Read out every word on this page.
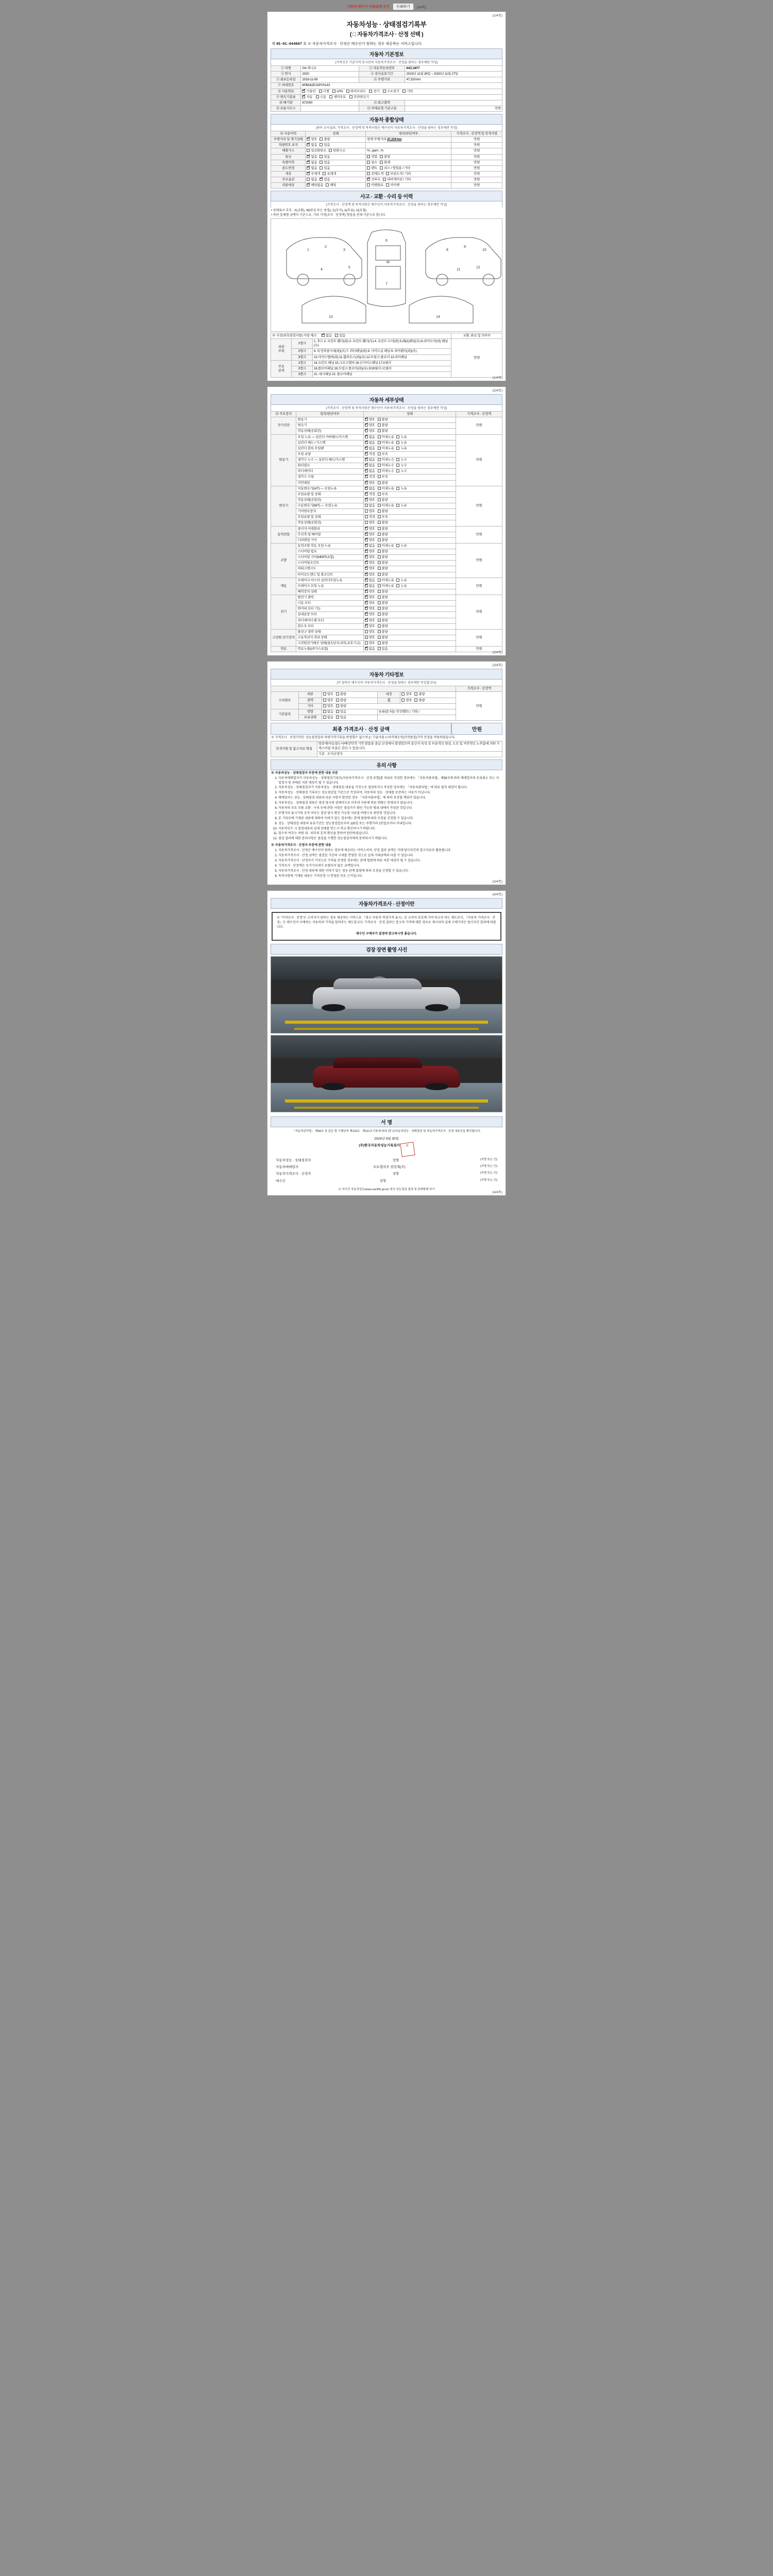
기관의 페이지 인쇄실패 공지	인쇄하기	(1/4쪽)
(1/4쪽)
자동차성능 · 상태점검기록부
( □ 자동차가격조사 · 산정 선택 )
제 45-01-044667 호 ※ 자동차가격조사 · 산정은 매수인이 원하는 경우 제공하는 서비스입니다.
자동차 기본정보
(가족신조 기준가격 동시산의 자동차가격조사 · 산정을 원하는 경우에만 작성)
① 차명	G4 캐니코	② 자동차등록번호	64도1877
③ 연식	2020	④ 검사유효기간	2019년 11월 26일 ~ 2020년 11월 27일
⑤ 최초등록일	2018-11-09	⑥ 주행거리	47,319 km
⑦ 차대번호	KPBXA2E1XPC0143		
⑧ 사용연료	✔가솔린 디젤 LPG 하이브리드 전기 수소전기 기타
⑨ 변속기종류	✔자동 수동 세미오토 무단변속기
⑩ 배기량	672000	⑪ 최고출력	
⑫ 보릉시트수		⑬ 차체유형 가준구분	만원
자동차 종합상태
(좌측 조사결과, 가격조사 · 산정액 및 목적사항은 매수인이 자동차가격조사 · 산정을 원하는 경우에만 작성)
⑭ 사용이력	상태	항목/판단여부	가격조사 · 산정액 및 목적사항
주행거리 및 계기상태	✔양호 불량	현재 주행거리 47,319 km	만원
차량번호 표지	✔없음 있음		만원
배출가스	일산화탄소 탄화수소	% , ppm , %	만원
튜닝	✔없음 있음	적법 불법	만원
특별이력	✔없음 있음	침수 화재	만원
용도변경	✔없음 있음	렌트 리스 / 영업용 / 기타	만원
색상	✔무채색 유채색	전체도색 부분도색 / 기타	만원
주요옵션	없음 ✔ 있음	✔선루프 내비게이션 / 기타	만원
리콜대상	✔해당없음 해당	이행완료 미이행	만원
사고 · 교환 · 수리 등 이력
(가격조사 · 산정액 및 목적사항은 매수인이 자동차가격조사 · 산정을 원하는 경우에만 작성)
• 상태표시 부호 : X(교환), W(판금 또는 용접), C(부식), A(후유), U(요철)
• 하단 일체형 금액이 기준으로, 기타 가격(조사 · 산정액) 명칭을 전체 기준으로 합니다.
1
2
3
4
5
6
M
7
8
9
10
11
12
13	14
※ 시진(외측점검사항) 사항 체크 ✔ 없음 있음			교환, 판금 및 의부부
외판
부위	1랭크	1. 후드 2. 프런트 휀더(좌) 3. 프런트 휀더(우) 4. 프런트 도어(좌) 5.25(1)패널(우) 6.리어도어(좌) 패널(우)	만원
	2랭크	6. 특정차량시대(좌)(우) 7. 퀴터패널(좌) 8. 사이드실 패널 9. 리어펜더(좌)(우)	
	3랭크	13.사이드멤버(좌) 11.휠하우스(좌)(우) 12.트렁크 플로어 13.리어패널	
주요
골격	1랭크	14.프런트 패널 15.크로스멤버 16.인사이드패널 17.A필러	
	2랭크	18.플로어패널 19.트렁크 플로어(좌)(우) 20.B필러 / C필러	
	3랭크	21. 대시패널 22. 플로어패널	
(1/4쪽)
(2/4쪽)
자동차 세부상태
(가격조사 · 산정액 및 목적사항은 매수인이 자동차가격조사 · 산정을 원하는 경우에만 작성)
⑮ 주요장치	항목/판단여부	상태	가격조사 · 산정액
자가진단	원동기	✔양호 불량	만원
	변속기	✔양호 불량
	작동상태(공회전)	✔양호 불량
원동기	오일 누유 — 실린더 커버헤드/가스켓	✔없음 미세누유 누유	만원
	실린더 헤드 / 가스켓	✔없음 미세누유 누유
	실린더 블록 오일팬	✔없음 미세누유 누유
	오일 유량	✔적정 부족
	냉각수 누수 — 실린더 헤드/가스켓	✔없음 미세누수 누수
	워터펌프	✔없음 미세누수 누수
	라디에이터	✔없음 미세누수 누수
	냉각수 수량	✔적정 부족
	커먼레일	✔양호 불량
변속기	자동변속기(A/T) — 오일누유	✔없음 미세누유 누유	만원
	오일유량 및 상태	✔적정 부족
	작동상태(공회전)	✔양호 불량
	수동변속기(M/T) — 오일누유	없음 미세누유 누유	
	기어변속장치	양호 불량	
	오일유량 및 상태	적정 부족	
	작동상태(공회전)	양호 불량	
동력전달	클러치 어셈블리	✔양호 불량	만원
	추진축 및 베어링	✔양호 불량
	디퍼렌셜 기어	✔양호 불량
조향	동력조향 작동 오일 누유	✔없음 미세누유 누유	만원
	스티어링 펌프	✔양호 불량
	스티어링 기어(MDPS포함)	✔양호 불량
	스티어링조인트	✔양호 불량
	파워크랭크도	✔양호 불량
	타이로드엔드 및 볼조인트	✔양호 불량
제동	브레이크 마스터 실린더오일누유	✔없음 미세누유 누유	만원
	브레이크 오일 누유	✔없음 미세누유 누유
	배력장치 상태	✔양호 불량
전기	발전기 출력	✔양호 불량	만원
	시동 모터	✔양호 불량
	와이퍼 모터 기능	✔양호 불량
	실내송풍 모터	✔양호 불량
	라디에이터 팬 모터	✔양호 불량
	윈도우 모터	✔양호 불량
고전원 전기장치	충전구 절연 상태	양호 불량	만원
	구동축전지 격리 상태	양호 불량	
	고전원전기배선 상태(접속단자,피복,보호기구)	양호 불량	
연료	연료누출(LP가스포함)	✔없음 있음	만원
(2/4쪽)
(3/4쪽)
자동차 기타정보
(이 항목은 매수인이 자동차가격조사 · 산정을 원하는 경우에만 작성합니다)
					가격조사 · 산정액
수리필요	외판	양호 불량	내장	양호 불량	만원
	광택	양호 불량	휠	양호 불량	
	기타	양호 불량			
기본품목	방향	없음 있음	유류(앞·뒤)□ 안전벨트□ 기타□		
	보유상태	없음 있음			
최종 가격조사 · 산정 금액	만원
※ 가격조사 · 산정가격은 성능점검일의 차량가격기록을 반영할수 없으며 (□ 기술사를 /□차격제조직(안전품질)가격 산정을 적용하였습니다.
목적사항 및 참고자료 명칭	방중제/자동절도서/배상학적 기반 발품을 중급 산정에서 발생었으며 용간자 특성 상 부분적인 현상, 도로 및 자연적인 노후함에 의한 가격스러움 부분은 감산 수 있습니다.
기준 · 조사산정자
유의 사항
※ 자동차성능 · 상태점검자 부분에 관한 내용 부분
1. 자동차매매업자가 자동차성능 · 상태점검기록부(자동차가격조사 · 산정 포함)를 허위로 작성한 경우에는 「자동차관리법」제58조에 따라 매매업자의 등록취소 또는 사업정지 및 과태료 처분 대상이 될 수 있습니다.
2. 자동차성능 · 상태점검자가 자동차성능 · 상태점검 내용을 거짓으로 점검하거나 작성한 경우에는 「자동차관리법」에 따른 벌칙 대상이 됩니다.
3. 자동차성능 · 상태점검 기록부는 성능점검일 기준으로 작성되며, 자동차의 성능 · 상태를 보증하는 서류가 아닙니다.
4. 매매업자는 성능 · 상태점검 내용과 다른 사항이 발견된 경우 「자동차관리법」에 따라 보상할 책임이 있습니다.
5. 자동차성능 · 상태점검 내용은 점검 당시의 상태이므로 이후의 사용에 따른 변화는 반영되지 않습니다.
6. 자동차의 주요 부품 교환 · 수리 등에 관한 사항은 점검자가 확인 가능한 범위 내에서 작성된 것입니다.
7. 주행거리 표시기의 조작 여부는 점검 당시 확인 가능한 자료를 바탕으로 판단한 것입니다.
8. 본 기록부에 기재된 내용에 대하여 이의가 있는 경우에는 관계 법령에 따라 조정을 신청할 수 있습니다.
9. 성능 · 상태점검 내용의 유효기간은 성능점검일로부터 120일 또는 주행거리 2천킬로미터 이내입니다.
10. 자동차인수 시 점검내용과 실제 상태를 반드시 비교 확인하시기 바랍니다.
11. 침수차 여부는 차량 내 · 외부의 흔적 확인을 통하여 판단하였습니다.
12. 점검 결과에 대한 문의사항은 점검을 수행한 성능점검자에게 문의하시기 바랍니다.
※ 자동차가격조사 · 산정자 부분에 관한 내용
1. 자동차가격조사 · 산정은 매수인이 원하는 경우에 제공되는 서비스이며, 산정 결과 금액은 거래 당사자간의 참고자료로 활용됩니다.
2. 자동차가격조사 · 산정 금액은 점검일 기준의 시세를 반영한 것으로 실제 거래금액과 다를 수 있습니다.
3. 자동차가격조사 · 산정자가 거짓으로 가격을 산정한 경우에는 관계 법령에 따른 처분 대상이 될 수 있습니다.
4. 가격조사 · 산정액은 부가가치세가 포함되지 않은 금액입니다.
5. 자동차가격조사 · 산정 내용에 대한 이의가 있는 경우 관계 법령에 따라 조정을 신청할 수 있습니다.
6. 목적사항에 기재된 내용은 가격산정 시 반영된 주요 근거입니다.
(3/4쪽)
(4/4쪽)
자동차가격조사 · 산정이란
※ "가격조사 · 산정"은 소비자가 원하는 경우 제공하는 서비스로 『중고 자동차 적정가격 표시』로 소비자 보호에 기여 하고자 하는 제도로서, 『자동차 가격조사 · 산정』은 매수인이 구매하는 자동차의 가격을 알려주는 제도입니다. 가격조사 · 산정 결과는 중고차 가격에 대한 정보로 제시되며 실제 구매가격은 당사자간 합의에 따릅니다.
매수인 구매자가 결정에 참고하시면 좋습니다.
검장 장면 촬영 사진
서 명
「자동차관리법」 제58조 및 같은 법 시행규칙 제120조 · 제121조기록에 따라 (중고)자동차성능 · 상태점검 및 자동차가격조사 · 산정 내용안을 확인합니다.
2024년 9월 30일
(주)한국자동차성능기록검사 인
자동차성능 · 상태점검자	성명	(서명 또는 인)
자동차매매업자	오토캠차주 점검제(주)	(서명 또는 인)
자동차가격조사 · 산정자	성명	(서명 또는 인)
매수인	성명	(서명 또는 인)
※ 차기간 자동차성능(www.car365.go.kr) 에서 성능점검 결과 및 판매확제 하기
(4/4쪽)
